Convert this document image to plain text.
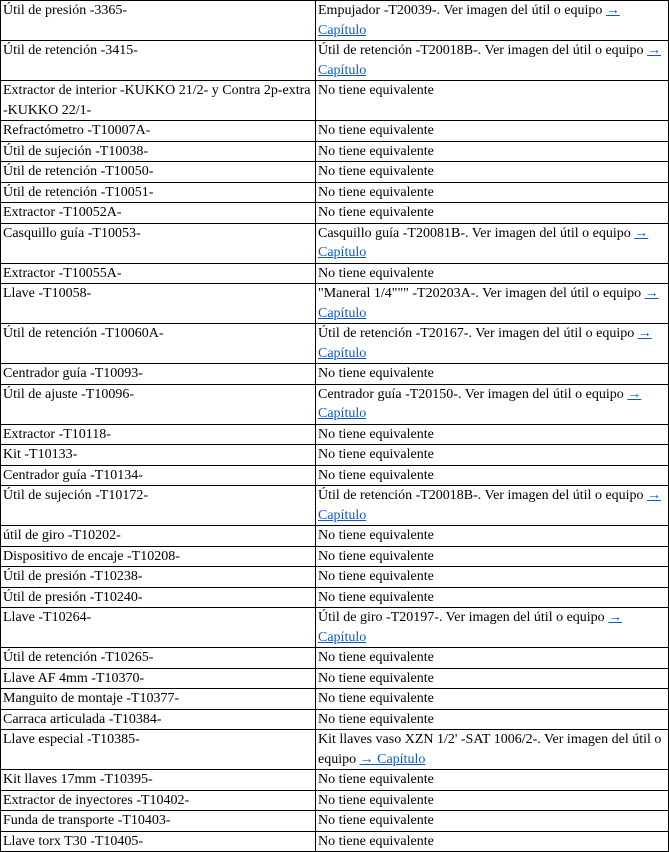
Útil de presión -3365-	Empujador -T20039-. Ver imagen del útil o equipo → Capítulo
Útil de retención -3415-	Útil de retención -T20018B-. Ver imagen del útil o equipo → Capítulo
Extractor de interior -KUKKO 21/2- y Contra 2p-extra -KUKKO 22/1-	No tiene equivalente
Refractómetro -T10007A-	No tiene equivalente
Útil de sujeción -T10038-	No tiene equivalente
Útil de retención -T10050-	No tiene equivalente
Útil de retención -T10051-	No tiene equivalente
Extractor -T10052A-	No tiene equivalente
Casquillo guía -T10053-	Casquillo guía -T20081B-. Ver imagen del útil o equipo → Capítulo
Extractor -T10055A-	No tiene equivalente
Llave -T10058-	"Maneral 1/4""" -T20203A-. Ver imagen del útil o equipo → Capítulo
Útil de retención -T10060A-	Útil de retención -T20167-. Ver imagen del útil o equipo → Capítulo
Centrador guía -T10093-	No tiene equivalente
Útil de ajuste -T10096-	Centrador guía -T20150-. Ver imagen del útil o equipo → Capítulo
Extractor -T10118-	No tiene equivalente
Kit -T10133-	No tiene equivalente
Centrador guía -T10134-	No tiene equivalente
Útil de sujeción -T10172-	Útil de retención -T20018B-. Ver imagen del útil o equipo → Capítulo
útil de giro -T10202-	No tiene equivalente
Dispositivo de encaje -T10208-	No tiene equivalente
Útil de presión -T10238-	No tiene equivalente
Útil de presión -T10240-	No tiene equivalente
Llave -T10264-	Útil de giro -T20197-. Ver imagen del útil o equipo → Capítulo
Útil de retención -T10265-	No tiene equivalente
Llave AF 4mm -T10370-	No tiene equivalente
Manguito de montaje -T10377-	No tiene equivalente
Carraca articulada -T10384-	No tiene equivalente
Llave especial -T10385-	Kit llaves vaso XZN 1/2' -SAT 1006/2-. Ver imagen del útil o equipo → Capítulo
Kit llaves 17mm -T10395-	No tiene equivalente
Extractor de inyectores -T10402-	No tiene equivalente
Funda de transporte -T10403-	No tiene equivalente
Llave torx T30 -T10405-	No tiene equivalente
